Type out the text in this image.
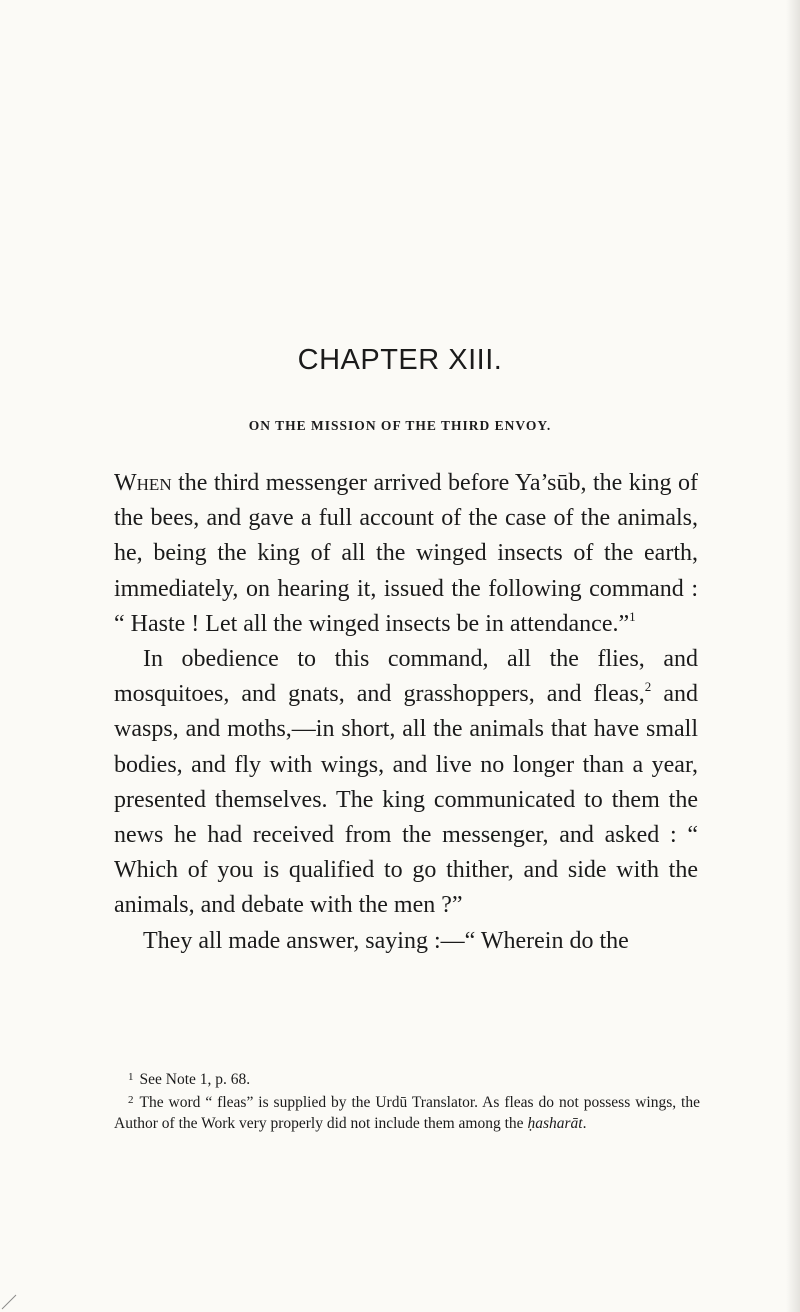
CHAPTER XIII.
ON THE MISSION OF THE THIRD ENVOY.

When the third messenger arrived before Ya’sūb, the king of the bees, and gave a full account of the case of the animals, he, being the king of all the winged insects of the earth, immediately, on hearing it, issued the following command : “ Haste ! Let all the winged insects be in attendance.”$^1$

In obedience to this command, all the flies, and mosquitoes, and gnats, and grasshoppers, and fleas,$^2$ and wasps, and moths,—in short, all the animals that have small bodies, and fly with wings, and live no longer than a year, presented themselves. The king communicated to them the news he had received from the messenger, and asked : “ Which of you is qualified to go thither, and side with the animals, and debate with the men ?”

They all made answer, saying :—“ Wherein do the

$^1$ See Note 1, p. 68.

$^2$ The word “ fleas” is supplied by the Urdū Translator. As fleas do not possess wings, the Author of the Work very properly did not include them among the ḥasharāt.
